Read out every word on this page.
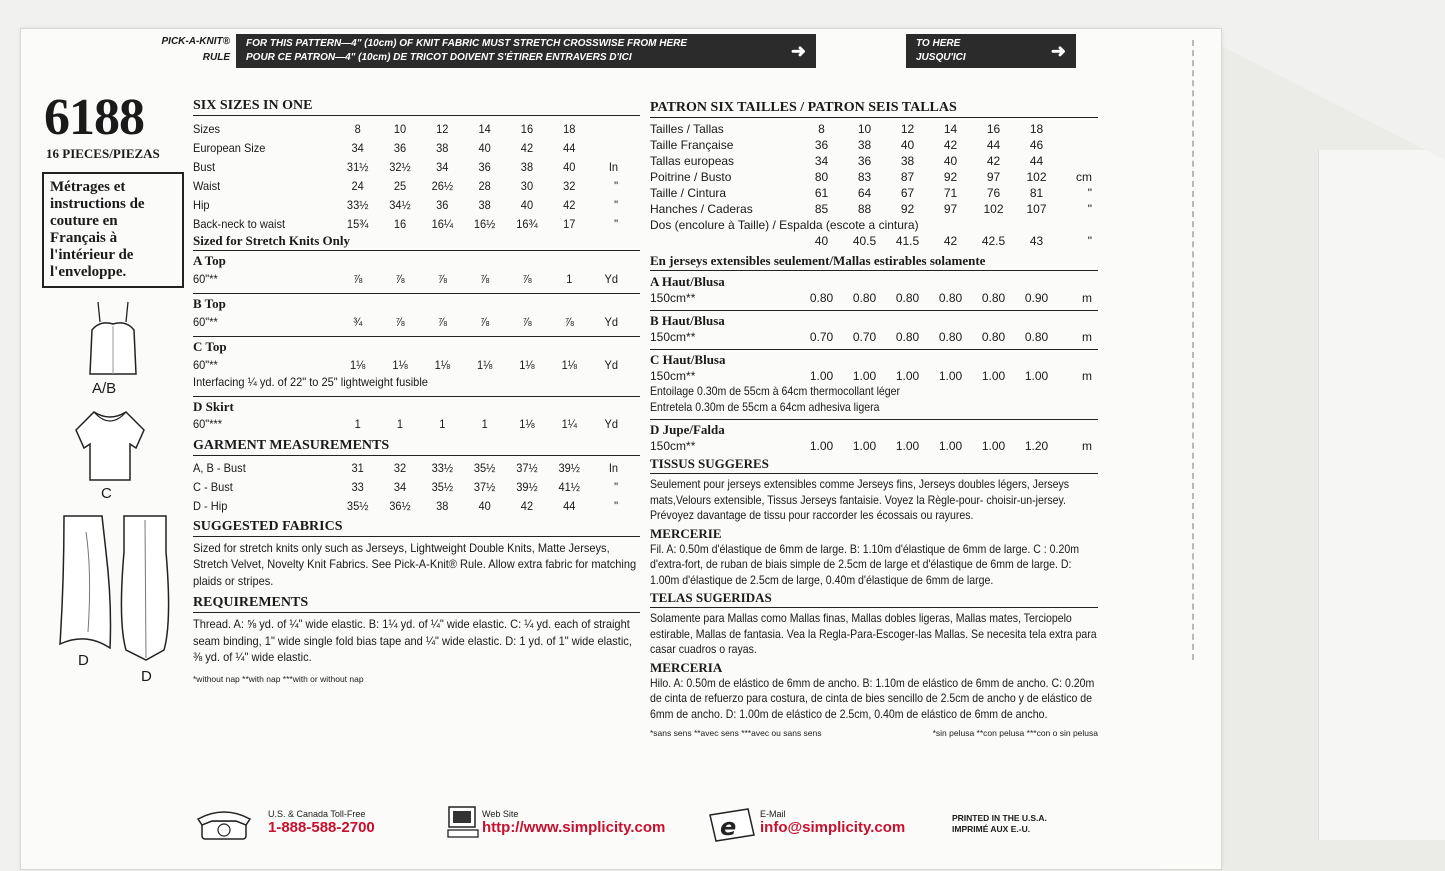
PICK-A-KNIT® RULE
FOR THIS PATTERN—4" (10cm) OF KNIT FABRIC MUST STRETCH CROSSWISE FROM HERE
POUR CE PATRON—4" (10cm) DE TRICOT DOIVENT S'ÉTIRER ENTRAVERS D'ICI	➜	TO HERE
JUSQU'ICI	➜
6188
16 PIECES/PIEZAS
Métrages et instructions de couture en Français à l'intérieur de l'enveloppe.
A/B
C
D
D
SIX SIZES IN ONE
Sizes	8	10	12	14	16	18
European Size	34	36	38	40	42	44
Bust	31½	32½	34	36	38	40	In
Waist	24	25	26½	28	30	32	"
Hip	33½	34½	36	38	40	42	"
Back-neck to waist	15¾	16	16¼	16½	16¾	17	"
Sized for Stretch Knits Only
A Top
60"**	⅞	⅞	⅞	⅞	⅞	1	Yd
B Top
60"**	¾	⅞	⅞	⅞	⅞	⅞	Yd
C Top
60"**	1⅛	1⅛	1⅛	1⅛	1⅛	1⅛	Yd
Interfacing ¼ yd. of 22" to 25" lightweight fusible
D Skirt
60"***	1	1	1	1	1⅛	1¼	Yd
GARMENT MEASUREMENTS
A, B - Bust	31	32	33½	35½	37½	39½	In
C - Bust	33	34	35½	37½	39½	41½	"
D - Hip	35½	36½	38	40	42	44	"
SUGGESTED FABRICS
Sized for stretch knits only such as Jerseys, Lightweight Double Knits, Matte Jerseys, Stretch Velvet, Novelty Knit Fabrics. See Pick-A-Knit® Rule. Allow extra fabric for matching plaids or stripes.
REQUIREMENTS
Thread. A: ⅝ yd. of ¼" wide elastic. B: 1¼ yd. of ¼" wide elastic. C: ¼ yd. each of straight seam binding, 1" wide single fold bias tape and ¼" wide elastic. D: 1 yd. of 1" wide elastic, ⅜ yd. of ¼" wide elastic.
*without nap **with nap ***with or without nap
PATRON SIX TAILLES / PATRON SEIS TALLAS
Tailles / Tallas	8	10	12	14	16	18
Taille Française	36	38	40	42	44	46
Tallas europeas	34	36	38	40	42	44
Poitrine / Busto	80	83	87	92	97	102	cm
Taille / Cintura	61	64	67	71	76	81	"
Hanches / Caderas	85	88	92	97	102	107	"
Dos (encolure à Taille) / Espalda (escote a cintura)
40	40.5	41.5	42	42.5	43	"
En jerseys extensibles seulement/Mallas estirables solamente
A Haut/Blusa
150cm**	0.80	0.80	0.80	0.80	0.80	0.90	m
B Haut/Blusa
150cm**	0.70	0.70	0.80	0.80	0.80	0.80	m
C Haut/Blusa
150cm**	1.00	1.00	1.00	1.00	1.00	1.00	m
Entoilage 0.30m de 55cm à 64cm thermocollant léger
Entretela 0.30m de 55cm a 64cm adhesiva ligera
D Jupe/Falda
150cm**	1.00	1.00	1.00	1.00	1.00	1.20	m
TISSUS SUGGERES
Seulement pour jerseys extensibles comme Jerseys fins, Jerseys doubles légers, Jerseys mats,Velours extensible, Tissus Jerseys fantaisie. Voyez la Règle-pour- choisir-un-jersey. Prévoyez davantage de tissu pour raccorder les écossais ou rayures.
MERCERIE
Fil. A: 0.50m d'élastique de 6mm de large. B: 1.10m d'élastique de 6mm de large. C : 0.20m d'extra-fort, de ruban de biais simple de 2.5cm de large et d'élastique de 6mm de large. D: 1.00m d'élastique de 2.5cm de large, 0.40m d'élastique de 6mm de large.
TELAS SUGERIDAS
Solamente para Mallas como Mallas finas, Mallas dobles ligeras, Mallas mates, Terciopelo estirable, Mallas de fantasia. Vea la Regla-Para-Escoger-las Mallas. Se necesita tela extra para casar cuadros o rayas.
MERCERIA
Hilo. A: 0.50m de elástico de 6mm de ancho. B: 1.10m de elástico de 6mm de ancho. C: 0.20m de cinta de refuerzo para costura, de cinta de bies sencillo de 2.5cm de ancho y de elástico de 6mm de ancho. D: 1.00m de elástico de 2.5cm, 0.40m de elástico de 6mm de ancho.
*sans sens **avec sens ***avec ou sans sens	*sin pelusa **con pelusa ***con o sin pelusa
U.S. & Canada Toll-Free
1-888-588-2700
Web Site
http://www.simplicity.com e	E-Mail
info@simplicity.com
PRINTED IN THE U.S.A.
IMPRIMÉ AUX E.-U.
